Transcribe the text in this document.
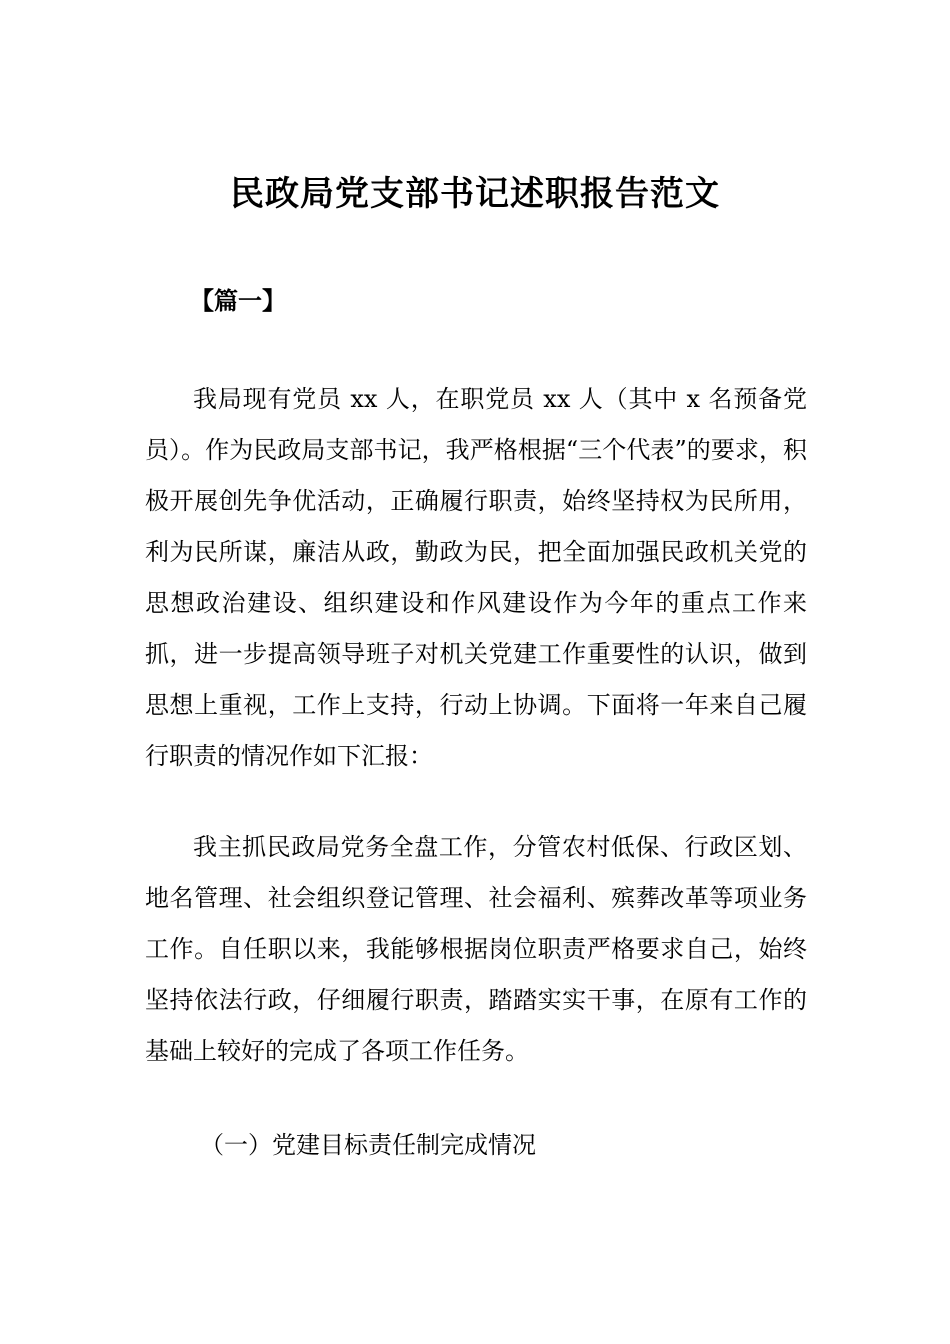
民政局党支部书记述职报告范文
【篇一】

我局现有党员 xx 人，在职党员 xx 人（其中 x 名预备党员）。作为民政局支部书记，我严格根据“三个代表”的要求，积极开展创先争优活动，正确履行职责，始终坚持权为民所用，利为民所谋，廉洁从政，勤政为民，把全面加强民政机关党的思想政治建设、组织建设和作风建设作为今年的重点工作来抓，进一步提高领导班子对机关党建工作重要性的认识，做到思想上重视，工作上支持，行动上协调。下面将一年来自己履行职责的情况作如下汇报：

我主抓民政局党务全盘工作，分管农村低保、行政区划、地名管理、社会组织登记管理、社会福利、殡葬改革等项业务工作。自任职以来，我能够根据岗位职责严格要求自己，始终坚持依法行政，仔细履行职责，踏踏实实干事，在原有工作的基础上较好的完成了各项工作任务。

（一）党建目标责任制完成情况
